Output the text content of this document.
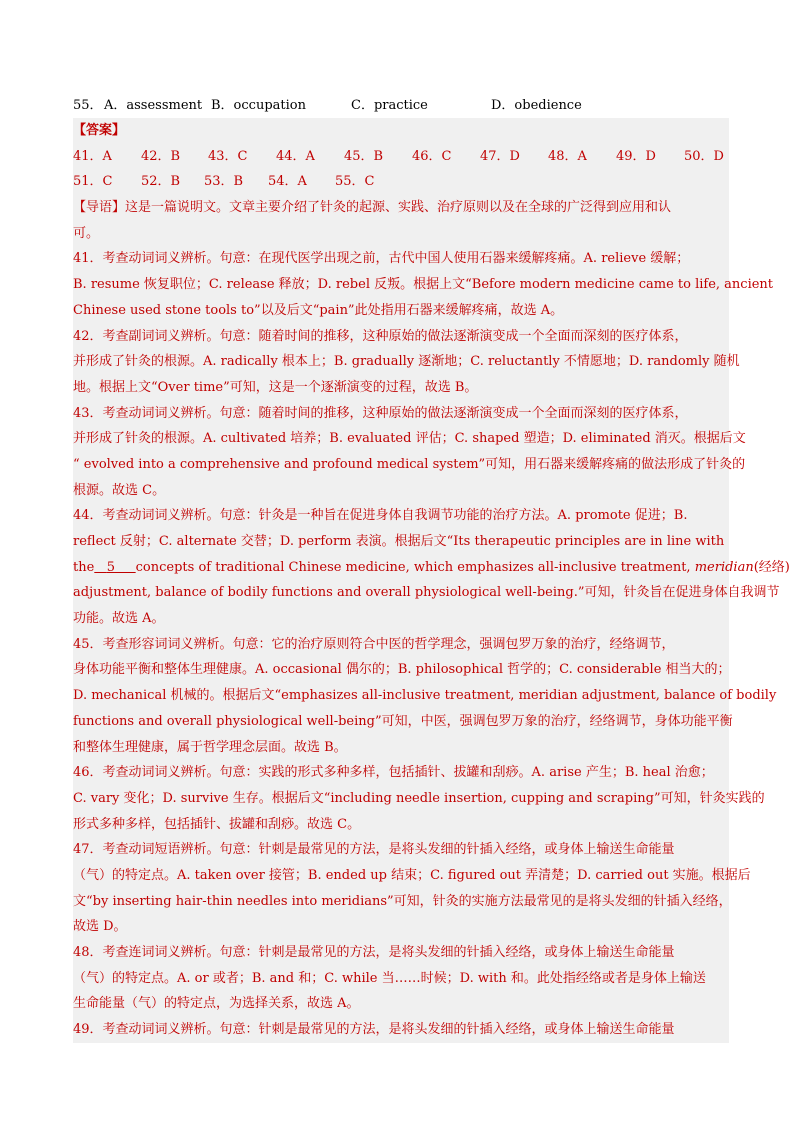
55． A．assessment B．occupation	C．practice	D．obedience
【答案】
41．A 42．B 43．C 44．A 45．B 46．C 47．D 48．A 49．D 50．D
51．C 52．B 53．B 54．A 55．C
【导语】这是一篇说明文。文章主要介绍了针灸的起源、实践、治疗原则以及在全球的广泛得到应用和认
可。
41．考查动词词义辨析。句意：在现代医学出现之前，古代中国人使用石器来缓解疼痛。A. relieve 缓解；
B. resume 恢复职位；C. release 释放；D. rebel 反叛。根据上文“Before modern medicine came to life, ancient
Chinese used stone tools to”以及后文“pain”此处指用石器来缓解疼痛，故选 A。
42．考查副词词义辨析。句意：随着时间的推移，这种原始的做法逐渐演变成一个全面而深刻的医疗体系，
并形成了针灸的根源。A. radically 根本上；B. gradually 逐渐地；C. reluctantly 不情愿地；D. randomly 随机
地。根据上文“Over time”可知，这是一个逐渐演变的过程，故选 B。
43．考查动词词义辨析。句意：随着时间的推移，这种原始的做法逐渐演变成一个全面而深刻的医疗体系，
并形成了针灸的根源。A. cultivated 培养；B. evaluated 评估；C. shaped 塑造；D. eliminated 消灭。根据后文
“ evolved into a comprehensive and profound medical system”可知，用石器来缓解疼痛的做法形成了针灸的
根源。故选 C。
44．考查动词词义辨析。句意：针灸是一种旨在促进身体自我调节功能的治疗方法。A. promote 促进；B.
reflect 反射；C. alternate 交替；D. perform 表演。根据后文“Its therapeutic principles are in line with
the 5 concepts of traditional Chinese medicine, which emphasizes all-inclusive treatment, meridian(经络)
adjustment, balance of bodily functions and overall physiological well-being.”可知，针灸旨在促进身体自我调节
功能。故选 A。
45．考查形容词词义辨析。句意：它的治疗原则符合中医的哲学理念，强调包罗万象的治疗，经络调节，
身体功能平衡和整体生理健康。A. occasional 偶尔的；B. philosophical 哲学的；C. considerable 相当大的；
D. mechanical 机械的。根据后文“emphasizes all-inclusive treatment, meridian adjustment, balance of bodily
functions and overall physiological well-being”可知，中医，强调包罗万象的治疗，经络调节，身体功能平衡
和整体生理健康，属于哲学理念层面。故选 B。
46．考查动词词义辨析。句意：实践的形式多种多样，包括插针、拔罐和刮痧。A. arise 产生；B. heal 治愈；
C. vary 变化；D. survive 生存。根据后文“including needle insertion, cupping and scraping”可知，针灸实践的
形式多种多样，包括插针、拔罐和刮痧。故选 C。
47．考查动词短语辨析。句意：针刺是最常见的方法，是将头发细的针插入经络，或身体上输送生命能量
（气）的特定点。A. taken over 接管；B. ended up 结束；C. figured out 弄清楚；D. carried out 实施。根据后
文“by inserting hair-thin needles into meridians”可知，针灸的实施方法最常见的是将头发细的针插入经络，
故选 D。
48．考查连词词义辨析。句意：针刺是最常见的方法，是将头发细的针插入经络，或身体上输送生命能量
（气）的特定点。A. or 或者；B. and 和；C. while 当……时候；D. with 和。此处指经络或者是身体上输送
生命能量（气）的特定点，为选择关系，故选 A。
49．考查动词词义辨析。句意：针刺是最常见的方法，是将头发细的针插入经络，或身体上输送生命能量
